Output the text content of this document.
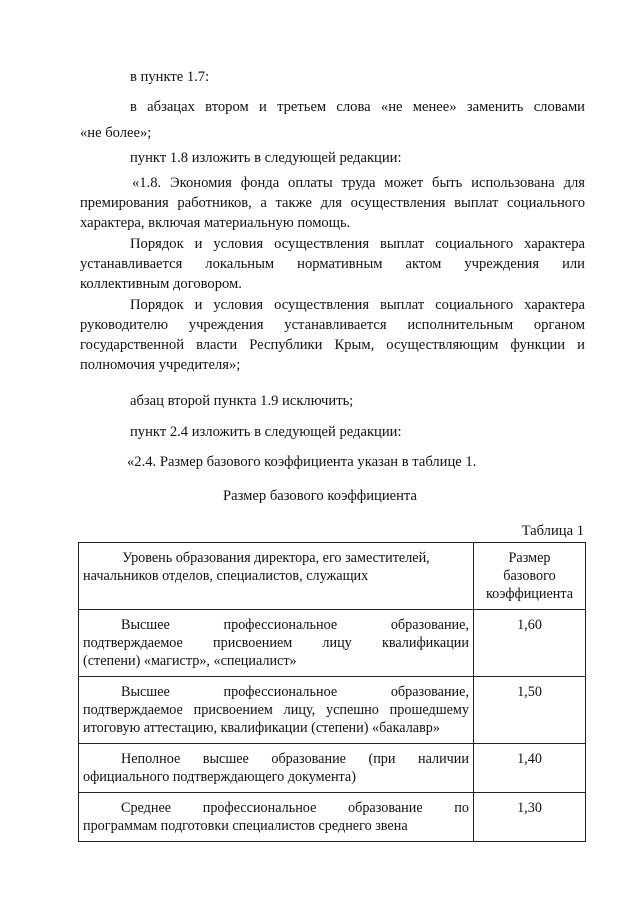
в пункте 1.7:

в абзацах втором и третьем слова «не менее» заменить словами

«не более»;

пункт 1.8 изложить в следующей редакции:

«1.8. Экономия фонда оплаты труда может быть использована для
премирования работников, а также для осуществления выплат социального
характера, включая материальную помощь.
Порядок и условия осуществления выплат социального характера
устанавливается локальным нормативным актом учреждения или
коллективным договором.
Порядок и условия осуществления выплат социального характера
руководителю учреждения устанавливается исполнительным органом
государственной власти Республики Крым, осуществляющим функции и
полномочия учредителя»;

абзац второй пункта 1.9 исключить;

пункт 2.4 изложить в следующей редакции:

«2.4. Размер базового коэффициента указан в таблице 1.

Размер базового коэффициента

Таблица 1

Уровень образования директора, его заместителей,
начальников отделов, специалистов, служащих	Размер
базового
коэффициента

Высшее профессиональное образование,
подтверждаемое присвоением лицу квалификации
(степени) «магистр», «специалист»	1,60

Высшее профессиональное образование,
подтверждаемое присвоением лицу, успешно прошедшему
итоговую аттестацию, квалификации (степени) «бакалавр»	1,50

Неполное высшее образование (при наличии
официального подтверждающего документа)	1,40

Среднее профессиональное образование по
программам подготовки специалистов среднего звена	1,30
